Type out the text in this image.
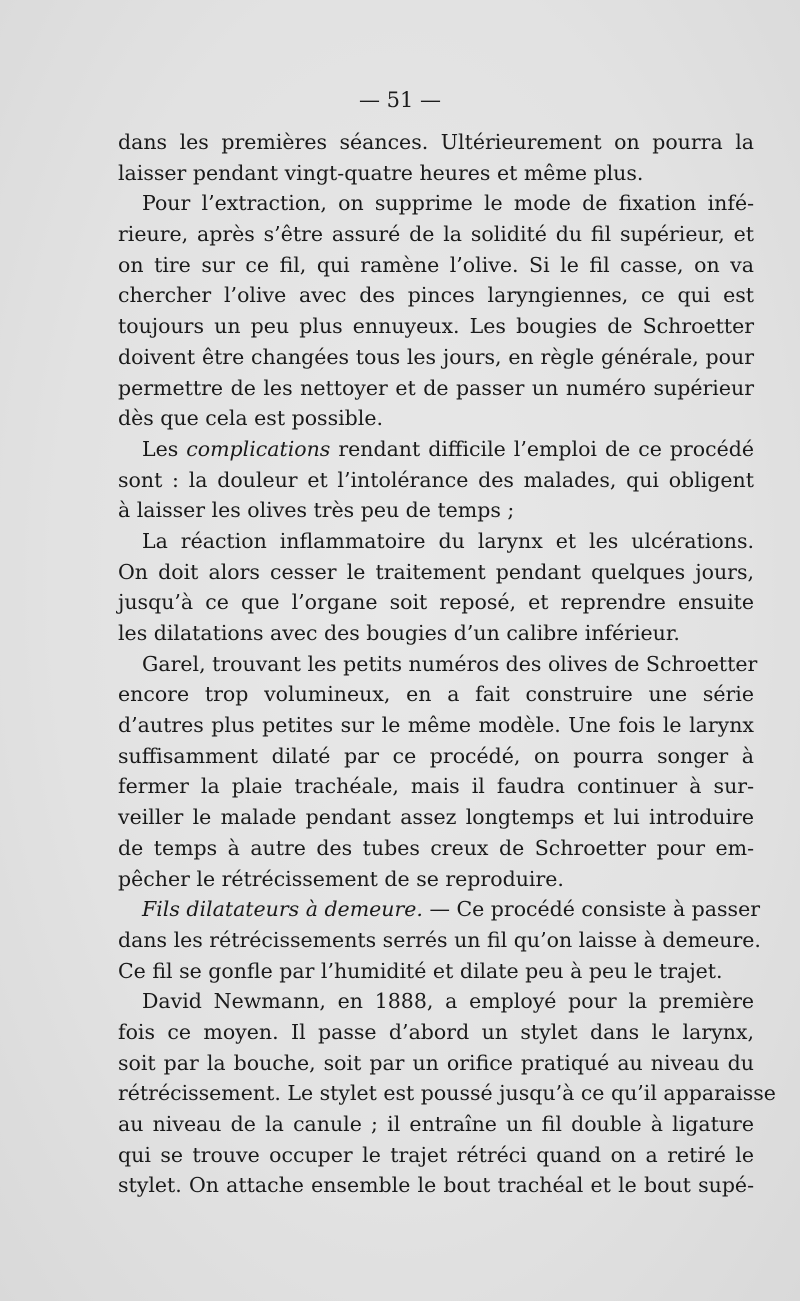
— 51 —
dans les premières séances. Ultérieurement on pourra la
laisser pendant vingt-quatre heures et même plus.
Pour l’extraction, on supprime le mode de fixation infé-
rieure, après s’être assuré de la solidité du fil supérieur, et
on tire sur ce fil, qui ramène l’olive. Si le fil casse, on va
chercher l’olive avec des pinces laryngiennes, ce qui est
toujours un peu plus ennuyeux. Les bougies de Schroetter
doivent être changées tous les jours, en règle générale, pour
permettre de les nettoyer et de passer un numéro supérieur
dès que cela est possible.
Les complications rendant difficile l’emploi de ce procédé
sont : la douleur et l’intolérance des malades, qui obligent
à laisser les olives très peu de temps ;
La réaction inflammatoire du larynx et les ulcérations.
On doit alors cesser le traitement pendant quelques jours,
jusqu’à ce que l’organe soit reposé, et reprendre ensuite
les dilatations avec des bougies d’un calibre inférieur.
Garel, trouvant les petits numéros des olives de Schroetter
encore trop volumineux, en a fait construire une série
d’autres plus petites sur le même modèle. Une fois le larynx
suffisamment dilaté par ce procédé, on pourra songer à
fermer la plaie trachéale, mais il faudra continuer à sur-
veiller le malade pendant assez longtemps et lui introduire
de temps à autre des tubes creux de Schroetter pour em-
pêcher le rétrécissement de se reproduire.
Fils dilatateurs à demeure. — Ce procédé consiste à passer
dans les rétrécissements serrés un fil qu’on laisse à demeure.
Ce fil se gonfle par l’humidité et dilate peu à peu le trajet.
David Newmann, en 1888, a employé pour la première
fois ce moyen. Il passe d’abord un stylet dans le larynx,
soit par la bouche, soit par un orifice pratiqué au niveau du
rétrécissement. Le stylet est poussé jusqu’à ce qu’il apparaisse
au niveau de la canule ; il entraîne un fil double à ligature
qui se trouve occuper le trajet rétréci quand on a retiré le
stylet. On attache ensemble le bout trachéal et le bout supé-
